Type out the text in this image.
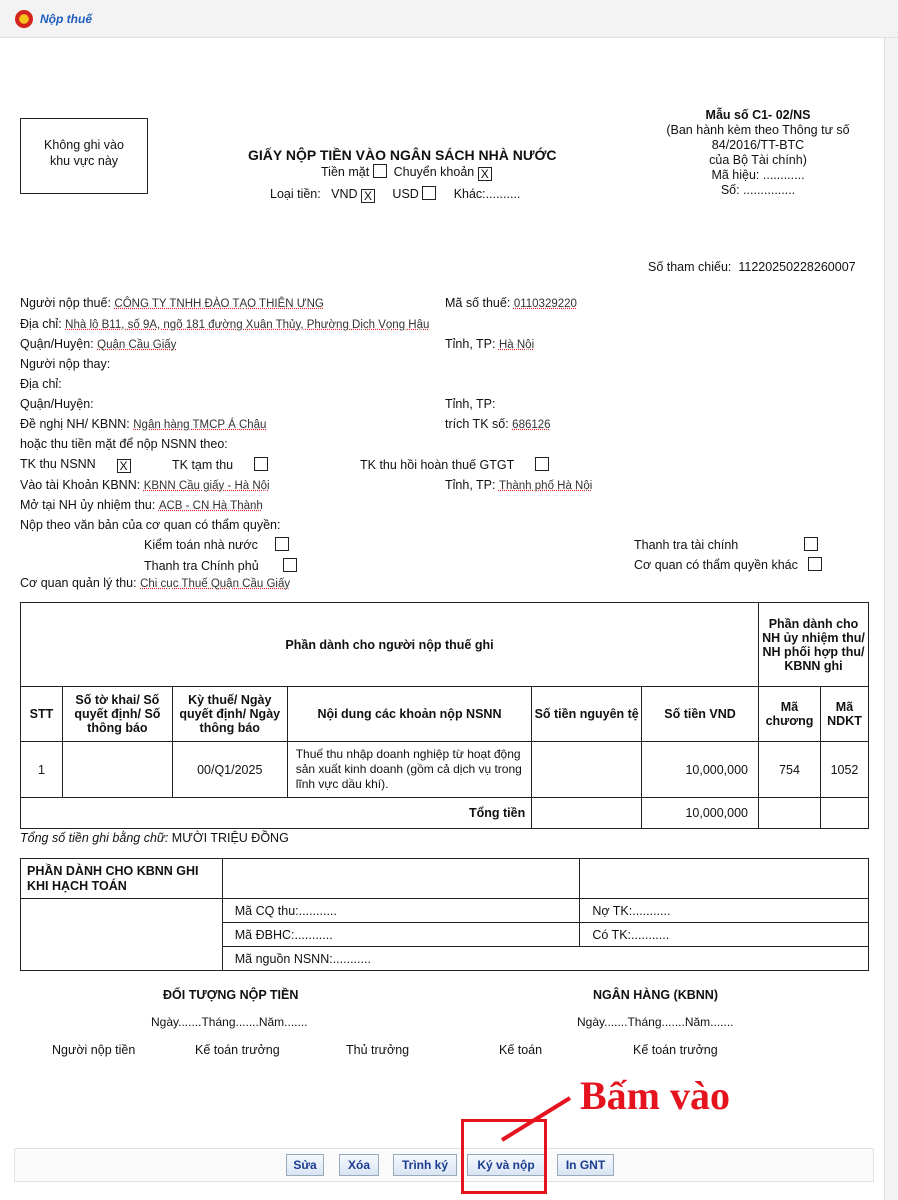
Nộp thuế
Không ghi vào
khu vực này	GIẤY NỘP TIỀN VÀO NGÂN SÁCH NHÀ NƯỚC
Tiền mặt Chuyển khoản X
Loại tiền: VND X USD	Khác:..........
Mẫu số C1- 02/NS
(Ban hành kèm theo Thông tư số
84/2016/TT-BTC
của Bộ Tài chính)
Mã hiệu: ............
Số: ...............
Số tham chiếu: 11220250228260007
Người nộp thuế: CÔNG TY TNHH ĐÀO TẠO THIÊN ƯNG	Mã số thuế: 0110329220
Địa chỉ: Nhà lô B11, số 9A, ngõ 181 đường Xuân Thủy, Phường Dịch Vọng Hậu
Quận/Huyện: Quận Cầu Giấy	Tỉnh, TP: Hà Nội
Người nộp thay:
Địa chỉ:
Quận/Huyện:	Tỉnh, TP:
Đề nghị NH/ KBNN: Ngân hàng TMCP Á Châu	trích TK số: 686126
hoặc thu tiền mặt để nộp NSNN theo:
TK thu NSNN X	TK tạm thu	TK thu hồi hoàn thuế GTGT
Vào tài Khoản KBNN: KBNN Cầu giấy - Hà Nội	Tỉnh, TP: Thành phố Hà Nội
Mở tại NH ủy nhiệm thu: ACB - CN Hà Thành
Nộp theo văn bản của cơ quan có thẩm quyền:
Kiểm toán nhà nước	Thanh tra tài chính
Thanh tra Chính phủ	Cơ quan có thẩm quyền khác
Cơ quan quản lý thu: Chi cục Thuế Quận Cầu Giấy
Phần dành cho người nộp thuế ghi						Phần dành cho NH ủy nhiệm thu/ NH phối hợp thu/ KBNN ghi	
STT	Số tờ khai/ Số quyết định/ Số thông báo	Kỳ thuế/ Ngày quyết định/ Ngày thông báo	Nội dung các khoản nộp NSNN	Số tiền nguyên tệ	Số tiền VND	Mã chương	Mã NDKT
1		00/Q1/2025	Thuế thu nhập doanh nghiệp từ hoạt động sản xuất kinh doanh (gồm cả dịch vụ trong lĩnh vực dầu khí).		10,000,000	754	1052
Tổng tiền					10,000,000		
Tổng số tiền ghi bằng chữ: MƯỜI TRIỆU ĐỒNG
PHẦN DÀNH CHO KBNN GHI KHI HẠCH TOÁN		
	Mã CQ thu:...........	Nợ TK:...........
	Mã ĐBHC:...........	Có TK:...........
	Mã nguồn NSNN:...........	
ĐỐI TƯỢNG NỘP TIỀN	NGÂN HÀNG (KBNN)
Ngày.......Tháng.......Năm.......	Ngày.......Tháng.......Năm.......
Người nộp tiền	Kế toán trưởng	Thủ trưởng	Kế toán	Kế toán trưởng
Bấm vào
Sửa	Xóa	Trình ký	Ký và nộp	In GNT
